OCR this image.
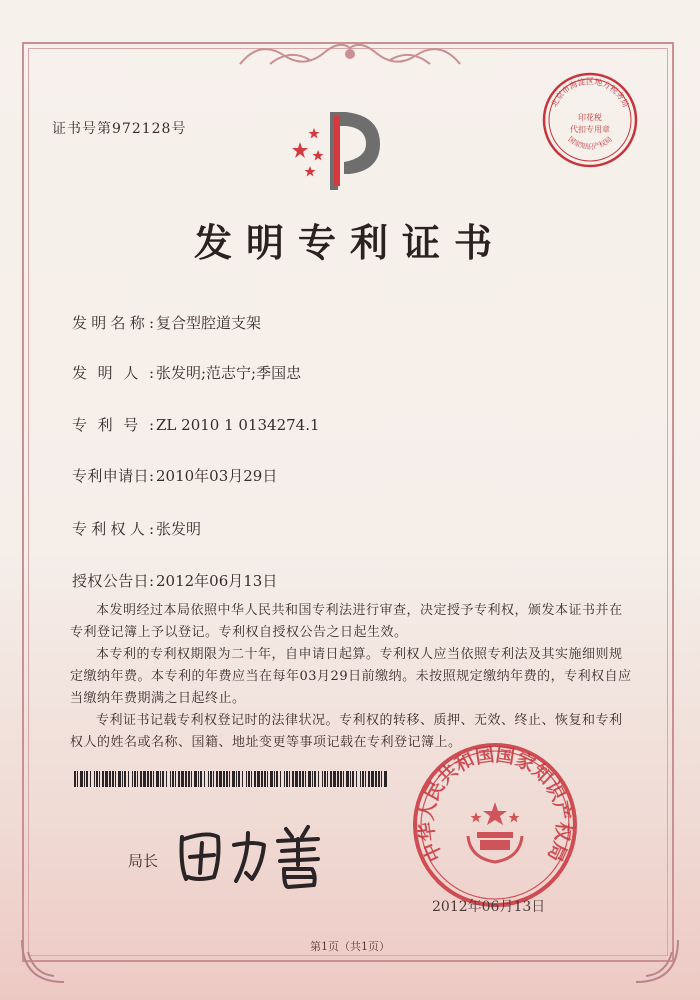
证书号第972128号
北京市海淀区地方税务局
印花税
代扣专用章
国家知识产权局
发明专利证书
发明名称: 复合型腔道支架
发明人: 张发明;范志宁;季国忠
专利号: ZL 2010 1 0134274.1
专利申请日: 2010年03月29日
专利权人: 张发明
授权公告日: 2012年06月13日
本发明经过本局依照中华人民共和国专利法进行审查，决定授予专利权，颁发本证书并在专利登记簿上予以登记。专利权自授权公告之日起生效。
本专利的专利权期限为二十年，自申请日起算。专利权人应当依照专利法及其实施细则规定缴纳年费。本专利的年费应当在每年03月29日前缴纳。未按照规定缴纳年费的，专利权自应当缴纳年费期满之日起终止。
专利证书记载专利权登记时的法律状况。专利权的转移、质押、无效、终止、恢复和专利权人的姓名或名称、国籍、地址变更等事项记载在专利登记簿上。
局长	中华人民共和国国家知识产权局
2012年06月13日
第1页（共1页）
